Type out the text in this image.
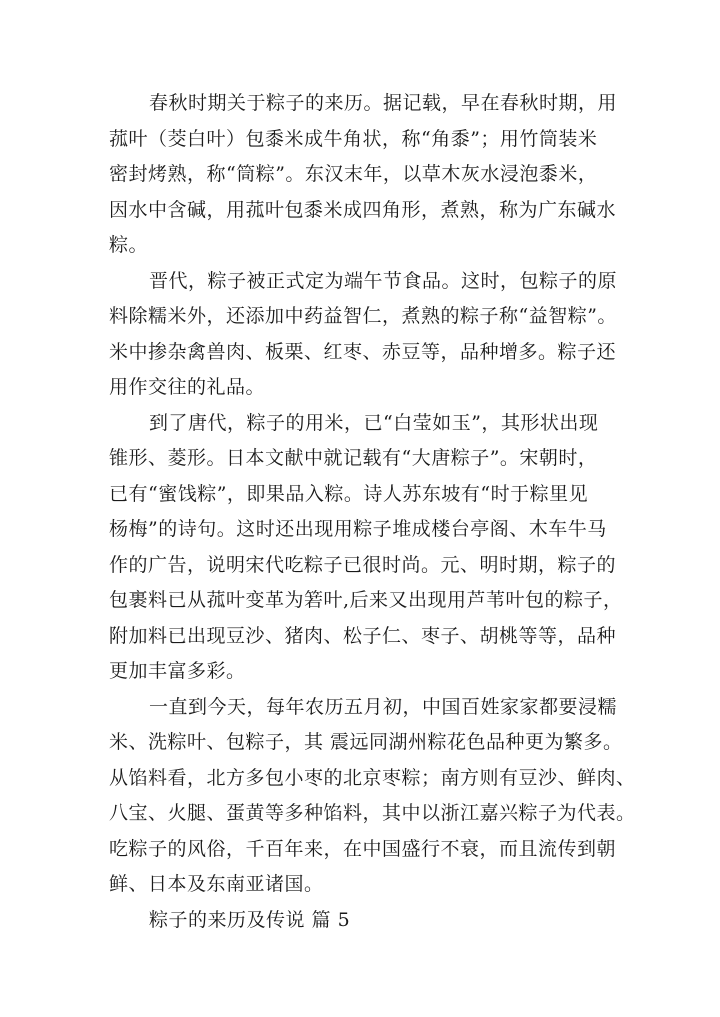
春秋时期关于粽子的来历。据记载，早在春秋时期，用
菰叶（茭白叶）包黍米成牛角状，称“角黍”；用竹筒装米
密封烤熟，称“筒粽”。东汉末年，以草木灰水浸泡黍米，
因水中含碱，用菰叶包黍米成四角形，煮熟，称为广东碱水
粽。

晋代，粽子被正式定为端午节食品。这时，包粽子的原
料除糯米外，还添加中药益智仁，煮熟的粽子称“益智粽”。
米中掺杂禽兽肉、板栗、红枣、赤豆等，品种增多。粽子还
用作交往的礼品。

到了唐代，粽子的用米，已“白莹如玉”，其形状出现
锥形、菱形。日本文献中就记载有“大唐粽子”。宋朝时，
已有“蜜饯粽”，即果品入粽。诗人苏东坡有“时于粽里见
杨梅”的诗句。这时还出现用粽子堆成楼台亭阁、木车牛马
作的广告，说明宋代吃粽子已很时尚。元、明时期，粽子的
包裹料已从菰叶变革为箬叶,后来又出现用芦苇叶包的粽子，
附加料已出现豆沙、猪肉、松子仁、枣子、胡桃等等，品种
更加丰富多彩。

一直到今天，每年农历五月初，中国百姓家家都要浸糯
米、洗粽叶、包粽子，其 震远同湖州粽花色品种更为繁多。
从馅料看，北方多包小枣的北京枣粽；南方则有豆沙、鲜肉、
八宝、火腿、蛋黄等多种馅料，其中以浙江嘉兴粽子为代表。
吃粽子的风俗，千百年来，在中国盛行不衰，而且流传到朝
鲜、日本及东南亚诸国。

粽子的来历及传说 篇 5
